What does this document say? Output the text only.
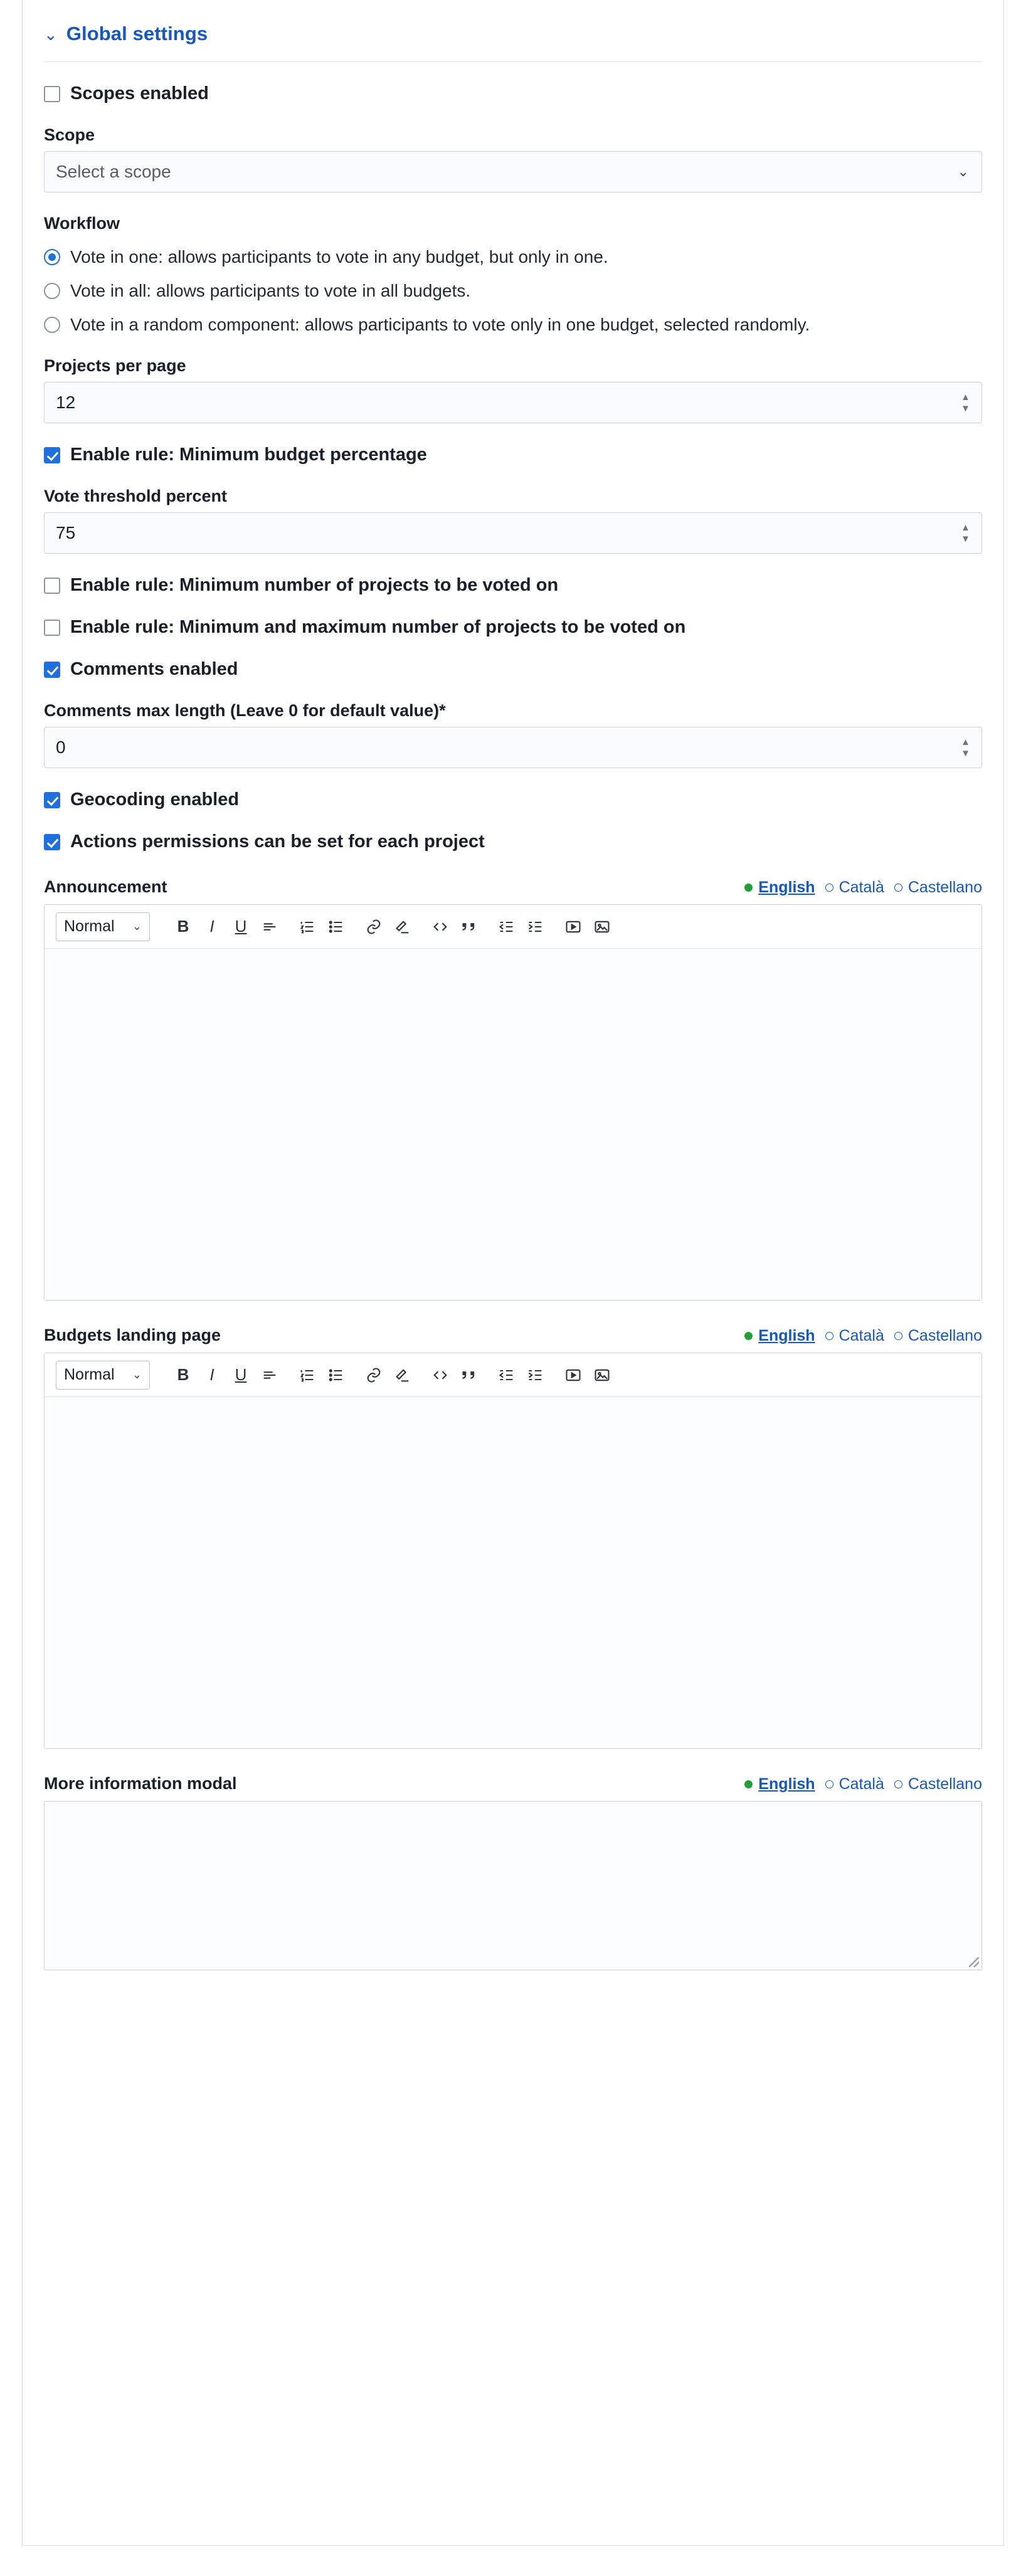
⌄ Global settings
Scopes enabled
Scope
Select a scope	⌄
Workflow
Vote in one: allows participants to vote in any budget, but only in one.
Vote in all: allows participants to vote in all budgets.
Vote in a random component: allows participants to vote only in one budget, selected randomly.
Projects per page
12	▲
▼
Enable rule: Minimum budget percentage
Vote threshold percent
75	▲
▼
Enable rule: Minimum number of projects to be voted on
Enable rule: Minimum and maximum number of projects to be voted on
Comments enabled
Comments max length (Leave 0 for default value)*
0	▲
▼
Geocoding enabled
Actions permissions can be set for each project
Announcement	English Català Castellano
Normal ⌄ B I U
Budgets landing page	English Català Castellano
Normal ⌄ B I U
More information modal	English Català Castellano
